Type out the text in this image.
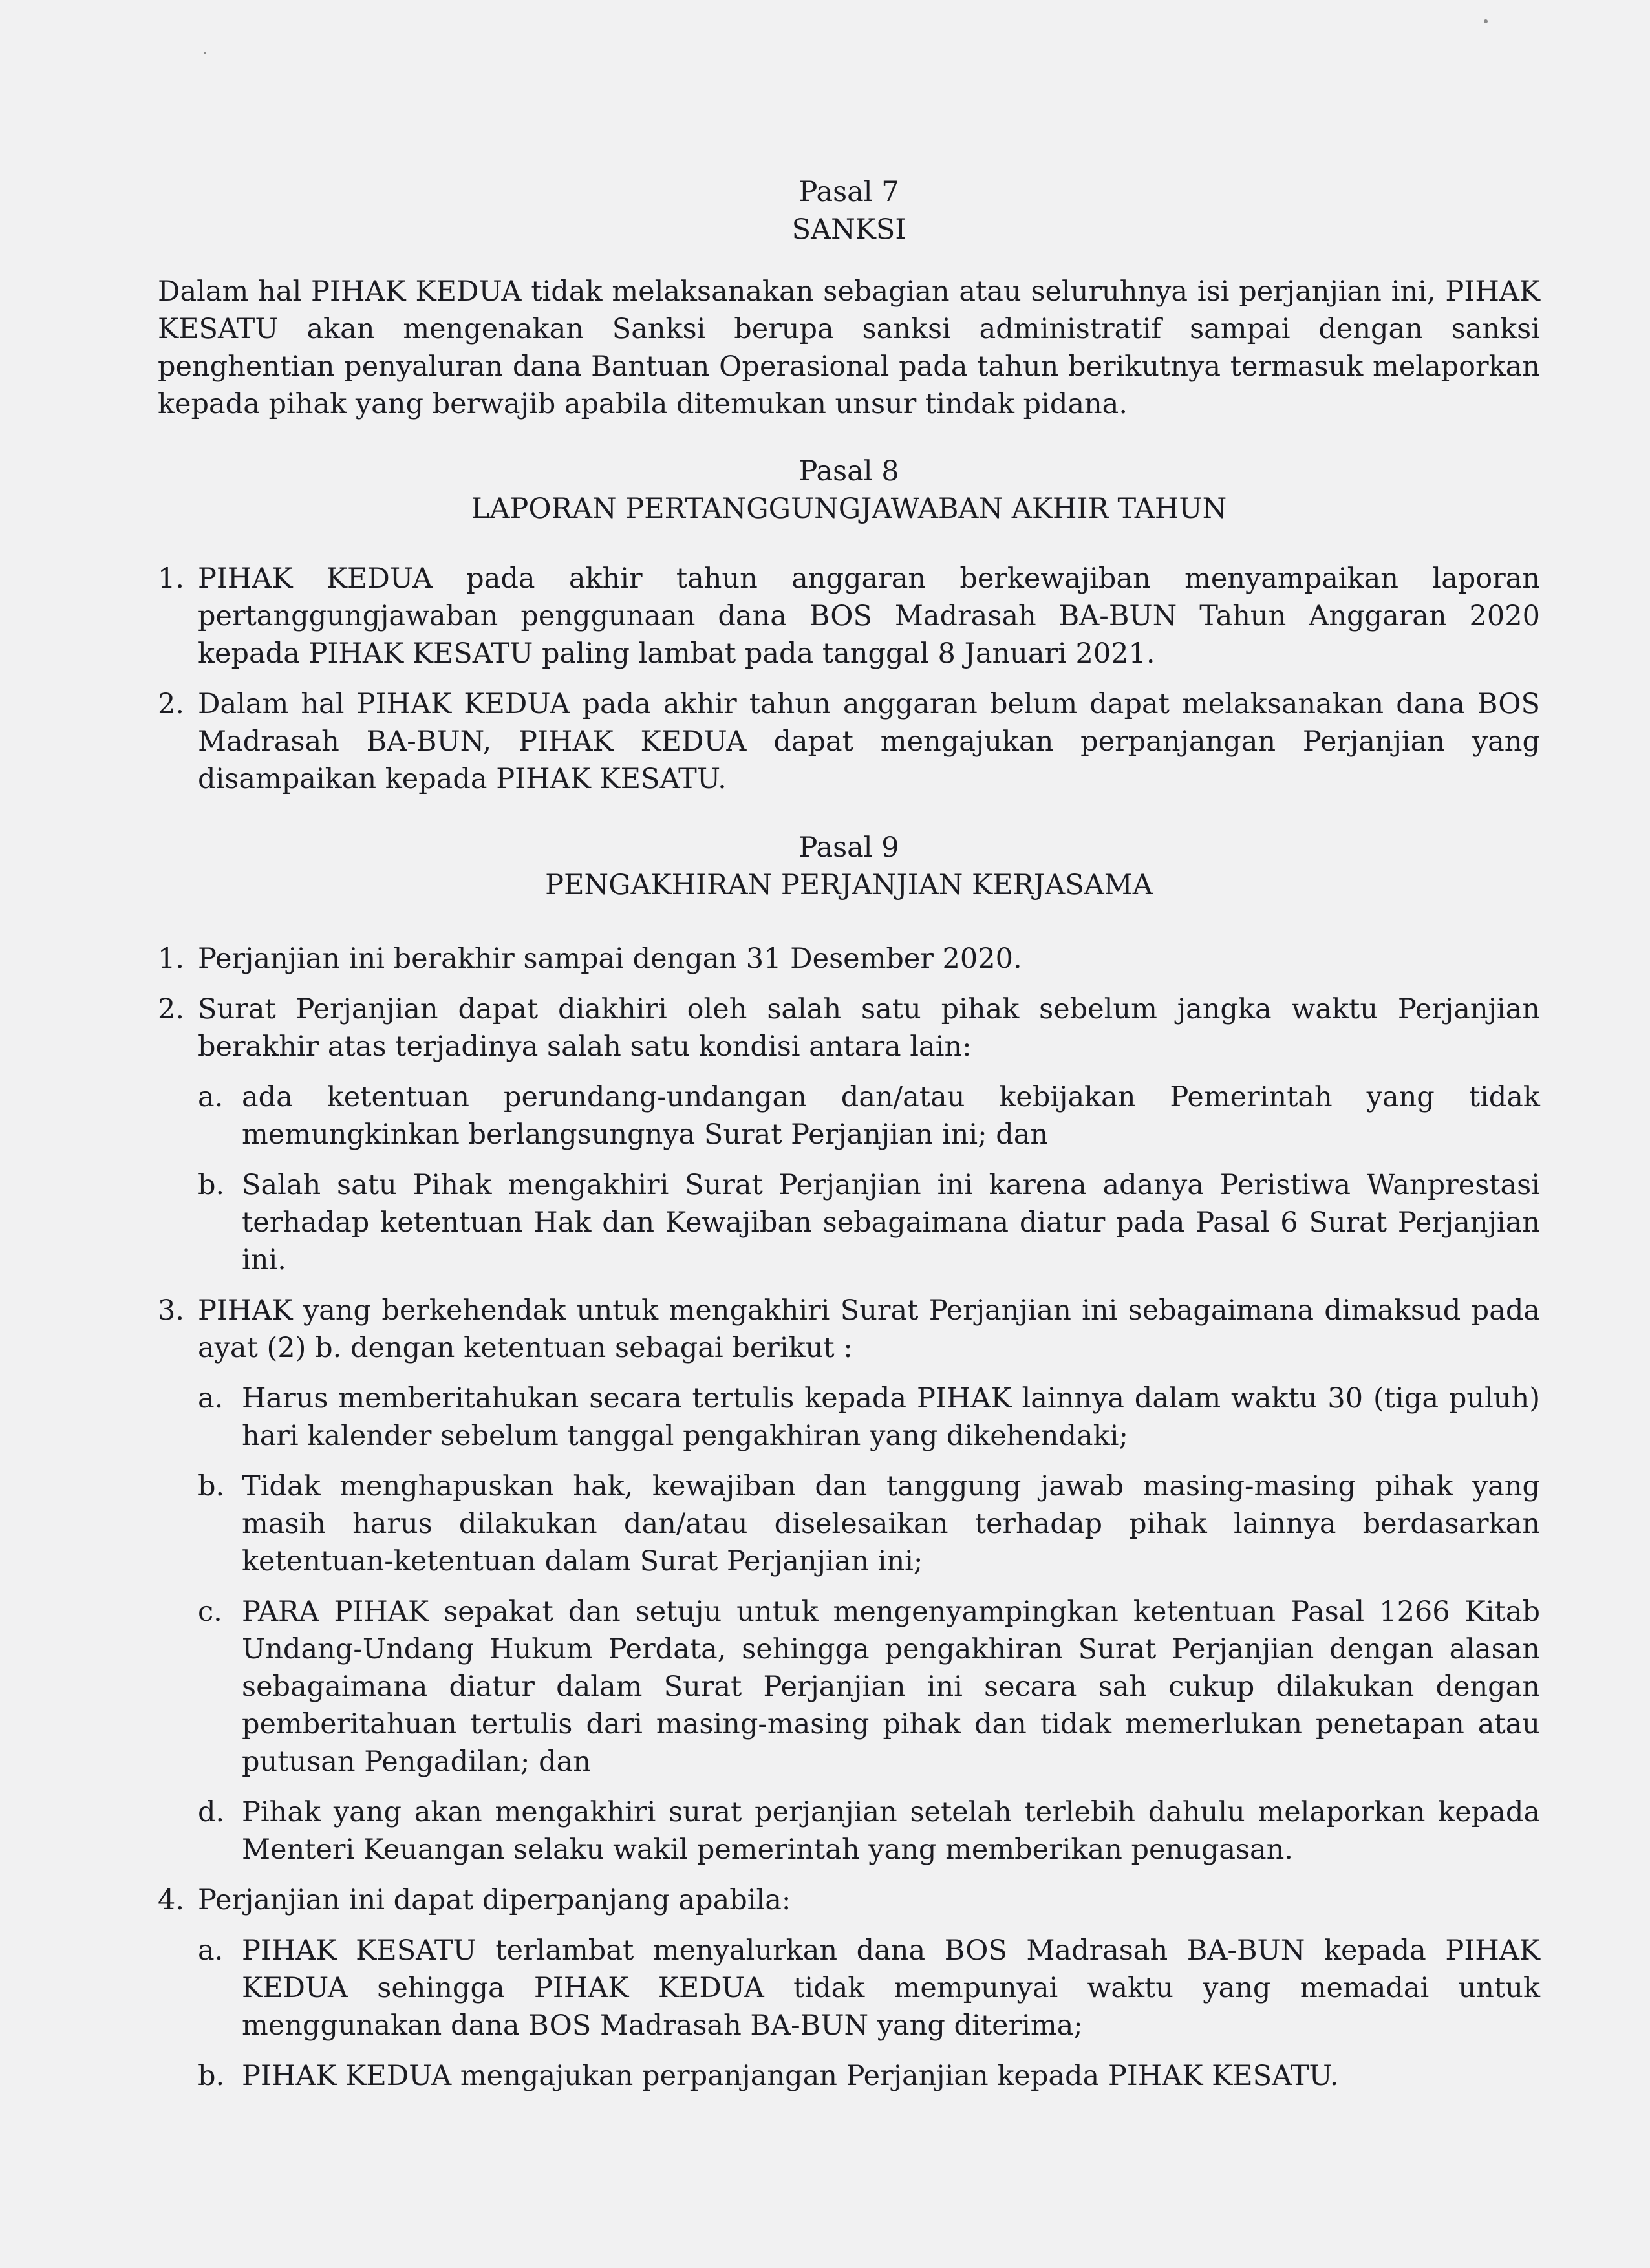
Pasal 7
SANKSI

Dalam hal PIHAK KEDUA tidak melaksanakan sebagian atau seluruhnya isi perjanjian ini, PIHAK KESATU akan mengenakan Sanksi berupa sanksi administratif sampai dengan sanksi penghentian penyaluran dana Bantuan Operasional pada tahun berikutnya termasuk melaporkan kepada pihak yang berwajib apabila ditemukan unsur tindak pidana.

Pasal 8
LAPORAN PERTANGGUNGJAWABAN AKHIR TAHUN
1. PIHAK KEDUA pada akhir tahun anggaran berkewajiban menyampaikan laporan pertanggungjawaban penggunaan dana BOS Madrasah BA-BUN Tahun Anggaran 2020 kepada PIHAK KESATU paling lambat pada tanggal 8 Januari 2021.
2. Dalam hal PIHAK KEDUA pada akhir tahun anggaran belum dapat melaksanakan dana BOS Madrasah BA-BUN, PIHAK KEDUA dapat mengajukan perpanjangan Perjanjian yang disampaikan kepada PIHAK KESATU.
Pasal 9
PENGAKHIRAN PERJANJIAN KERJASAMA
1. Perjanjian ini berakhir sampai dengan 31 Desember 2020.
2. Surat Perjanjian dapat diakhiri oleh salah satu pihak sebelum jangka waktu Perjanjian berakhir atas terjadinya salah satu kondisi antara lain:
a. ada ketentuan perundang-undangan dan/atau kebijakan Pemerintah yang tidak memungkinkan berlangsungnya Surat Perjanjian ini; dan
b. Salah satu Pihak mengakhiri Surat Perjanjian ini karena adanya Peristiwa Wanprestasi terhadap ketentuan Hak dan Kewajiban sebagaimana diatur pada Pasal 6 Surat Perjanjian ini.
3. PIHAK yang berkehendak untuk mengakhiri Surat Perjanjian ini sebagaimana dimaksud pada ayat (2) b. dengan ketentuan sebagai berikut :
a. Harus memberitahukan secara tertulis kepada PIHAK lainnya dalam waktu 30 (tiga puluh) hari kalender sebelum tanggal pengakhiran yang dikehendaki;
b. Tidak menghapuskan hak, kewajiban dan tanggung jawab masing-masing pihak yang masih harus dilakukan dan/atau diselesaikan terhadap pihak lainnya berdasarkan ketentuan-ketentuan dalam Surat Perjanjian ini;
c. PARA PIHAK sepakat dan setuju untuk mengenyampingkan ketentuan Pasal 1266 Kitab Undang-Undang Hukum Perdata, sehingga pengakhiran Surat Perjanjian dengan alasan sebagaimana diatur dalam Surat Perjanjian ini secara sah cukup dilakukan dengan pemberitahuan tertulis dari masing-masing pihak dan tidak memerlukan penetapan atau putusan Pengadilan; dan
d. Pihak yang akan mengakhiri surat perjanjian setelah terlebih dahulu melaporkan kepada Menteri Keuangan selaku wakil pemerintah yang memberikan penugasan.
4. Perjanjian ini dapat diperpanjang apabila:
a. PIHAK KESATU terlambat menyalurkan dana BOS Madrasah BA-BUN kepada PIHAK KEDUA sehingga PIHAK KEDUA tidak mempunyai waktu yang memadai untuk menggunakan dana BOS Madrasah BA-BUN yang diterima;
b. PIHAK KEDUA mengajukan perpanjangan Perjanjian kepada PIHAK KESATU.
